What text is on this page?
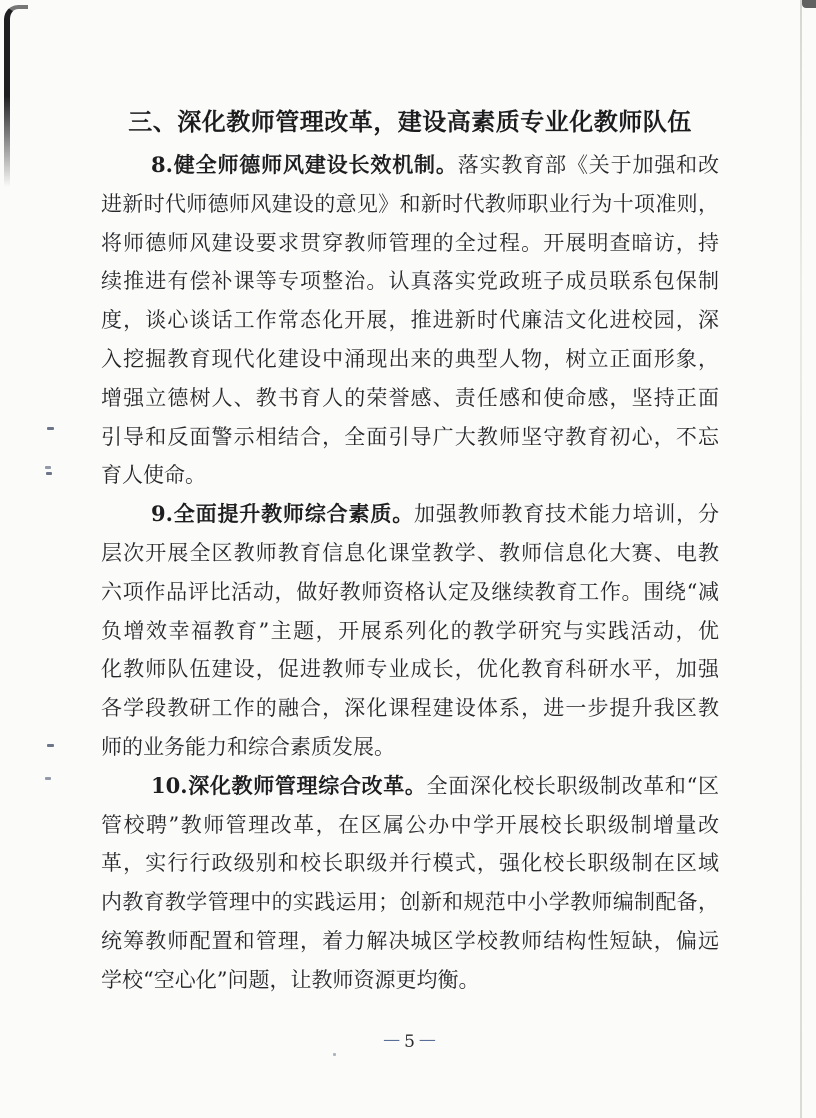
三、深化教师管理改革，建设高素质专业化教师队伍
8.健全师德师风建设长效机制。落实教育部《关于加强和改
进新时代师德师风建设的意见》和新时代教师职业行为十项准则，
将师德师风建设要求贯穿教师管理的全过程。开展明查暗访，持
续推进有偿补课等专项整治。认真落实党政班子成员联系包保制
度，谈心谈话工作常态化开展，推进新时代廉洁文化进校园，深
入挖掘教育现代化建设中涌现出来的典型人物，树立正面形象，
增强立德树人、教书育人的荣誉感、责任感和使命感，坚持正面
引导和反面警示相结合，全面引导广大教师坚守教育初心，不忘
育人使命。
9.全面提升教师综合素质。加强教师教育技术能力培训，分
层次开展全区教师教育信息化课堂教学、教师信息化大赛、电教
六项作品评比活动，做好教师资格认定及继续教育工作。围绕“减
负增效幸福教育”主题，开展系列化的教学研究与实践活动，优
化教师队伍建设，促进教师专业成长，优化教育科研水平，加强
各学段教研工作的融合，深化课程建设体系，进一步提升我区教
师的业务能力和综合素质发展。
10.深化教师管理综合改革。全面深化校长职级制改革和“区
管校聘”教师管理改革，在区属公办中学开展校长职级制增量改
革，实行行政级别和校长职级并行模式，强化校长职级制在区域
内教育教学管理中的实践运用；创新和规范中小学教师编制配备，
统筹教师配置和管理，着力解决城区学校教师结构性短缺，偏远
学校“空心化”问题，让教师资源更均衡。
— 5 —
